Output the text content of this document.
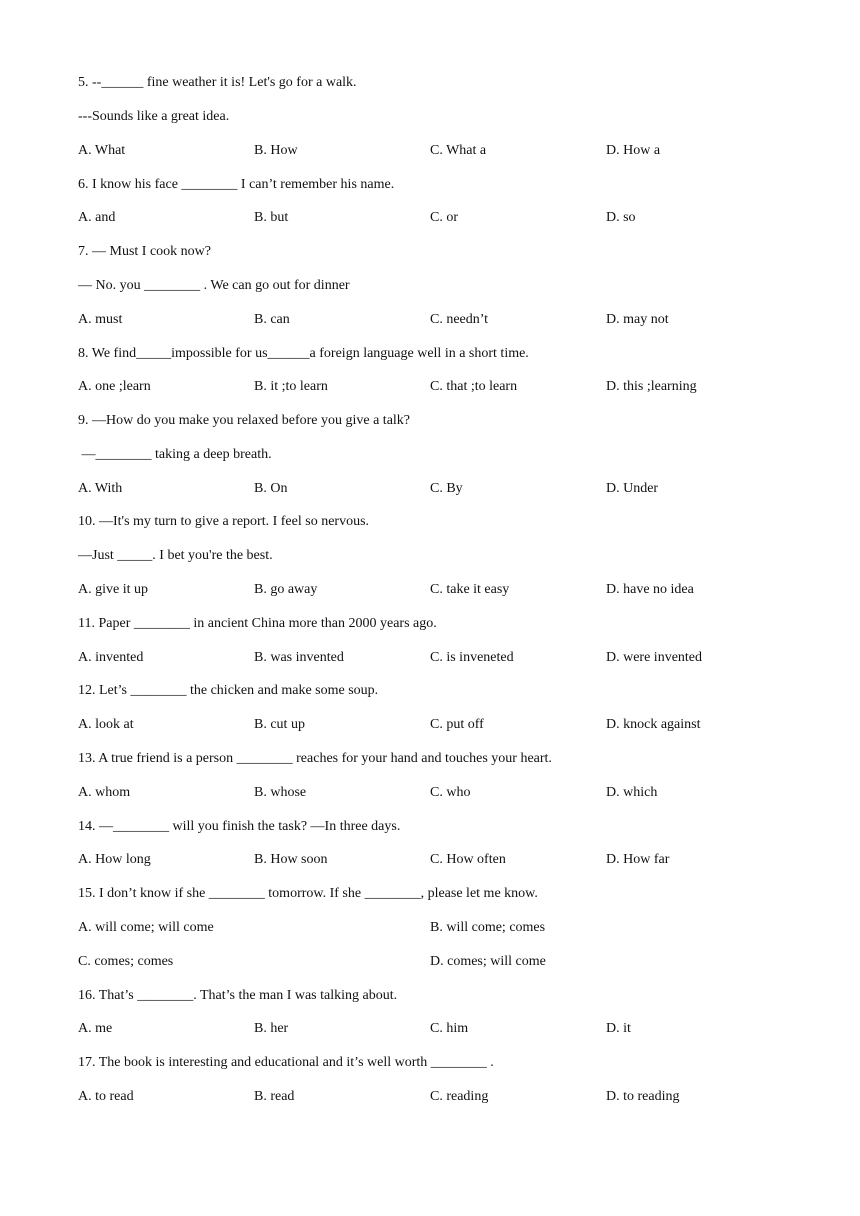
5. --______ fine weather it is! Let's go for a walk.
---Sounds like a great idea.
A. What	B. How	C. What a	D. How a
6. I know his face ________ I can’t remember his name.
A. and	B. but	C. or	D. so
7. — Must I cook now?
— No. you ________ . We can go out for dinner
A. must	B. can	C. needn’t	D. may not
8. We find_____impossible for us______a foreign language well in a short time.
A. one ;learn	B. it ;to learn	C. that ;to learn	D. this ;learning
9. —How do you make you relaxed before you give a talk?
—________ taking a deep breath.
A. With	B. On	C. By	D. Under
10. —It's my turn to give a report. I feel so nervous.
—Just _____. I bet you're the best.
A. give it up	B. go away	C. take it easy	D. have no idea
11. Paper ________ in ancient China more than 2000 years ago.
A. invented	B. was invented	C. is inveneted	D. were invented
12. Let’s ________ the chicken and make some soup.
A. look at	B. cut up	C. put off	D. knock against
13. A true friend is a person ________ reaches for your hand and touches your heart.
A. whom	B. whose	C. who	D. which
14. —________ will you finish the task? —In three days.
A. How long	B. How soon	C. How often	D. How far
15. I don’t know if she ________ tomorrow. If she ________, please let me know.
A. will come; will come	B. will come; comes
C. comes; comes	D. comes; will come
16. That’s ________. That’s the man I was talking about.
A. me	B. her	C. him	D. it
17. The book is interesting and educational and it’s well worth ________ .
A. to read	B. read	C. reading	D. to reading
